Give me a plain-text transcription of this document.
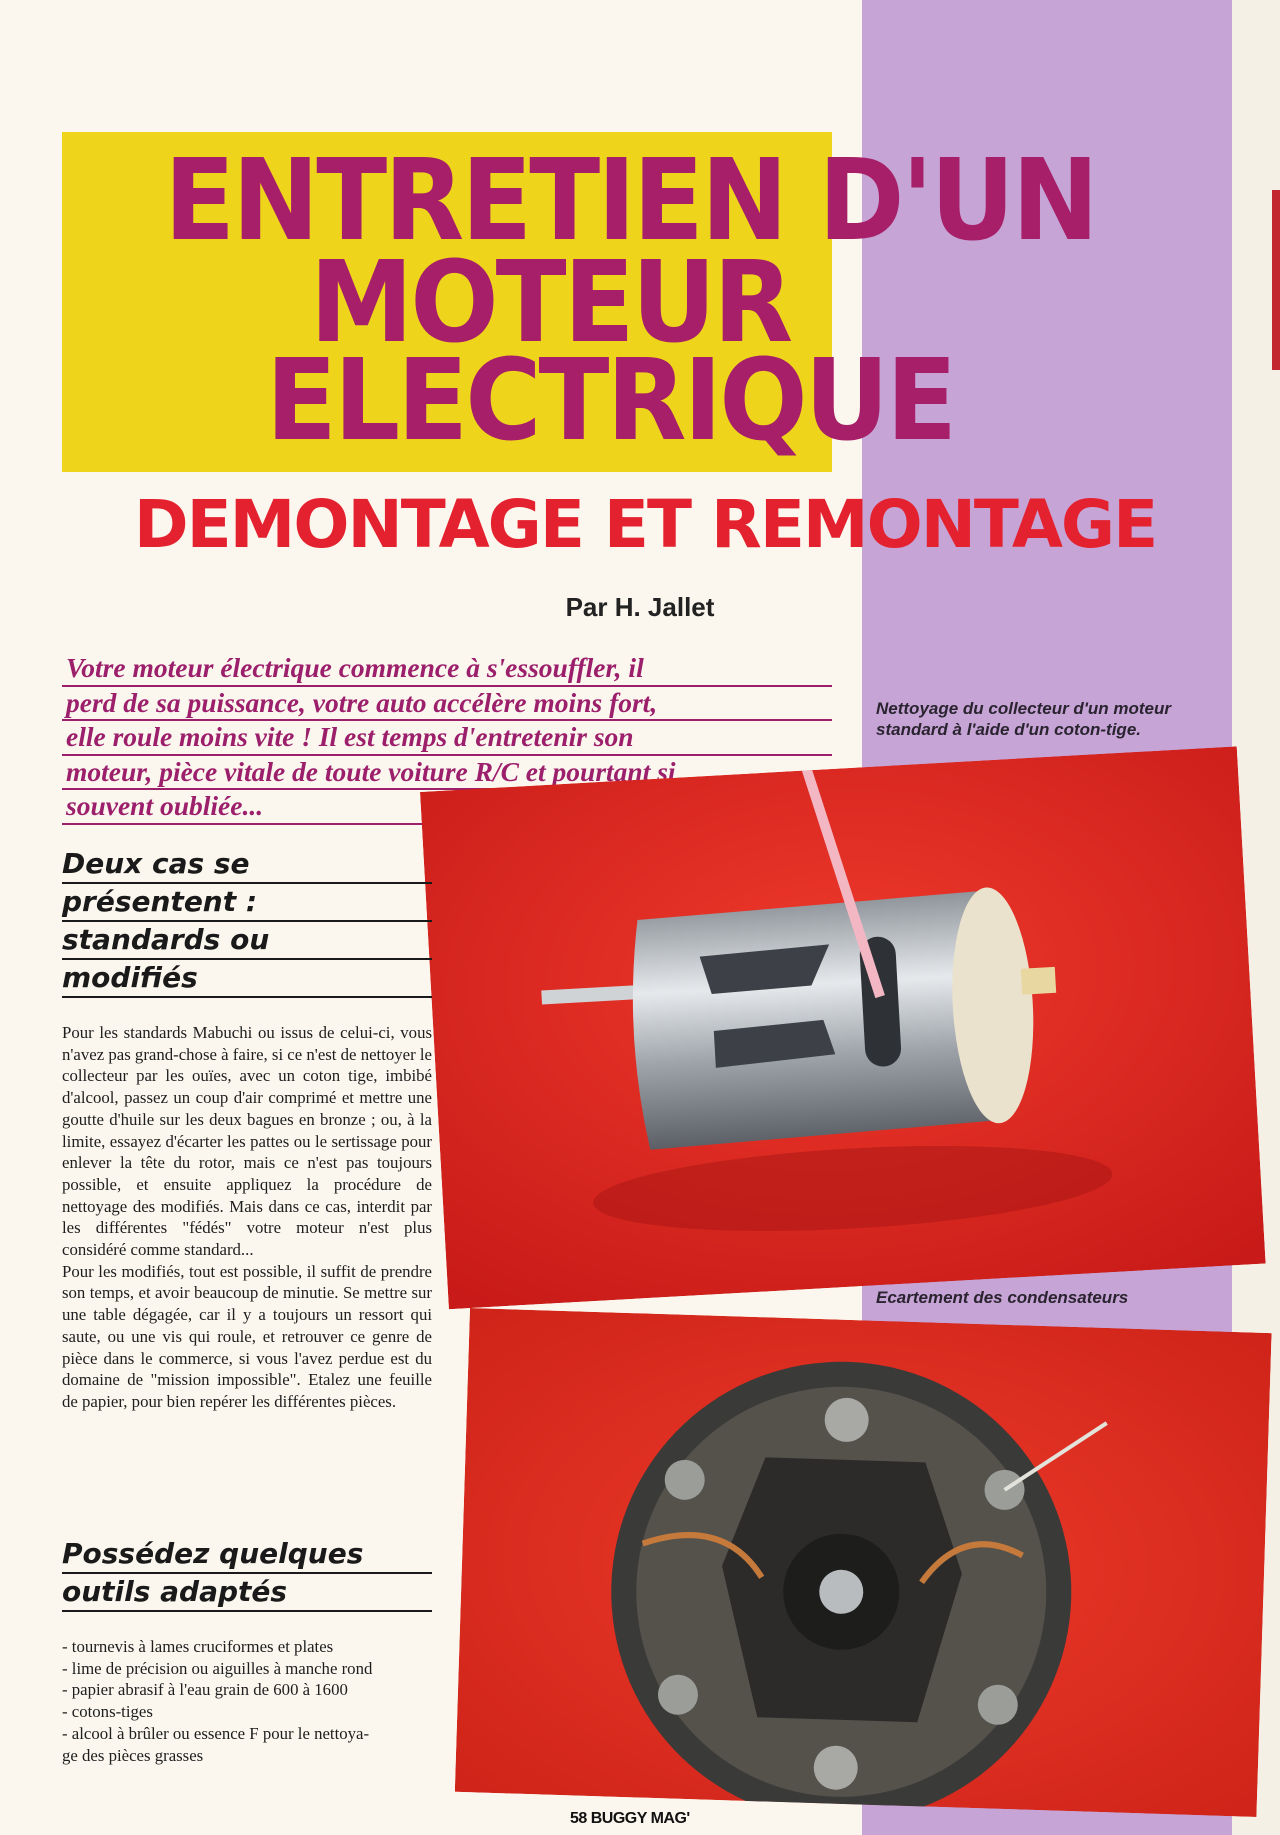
ENTRETIEN D'UN
MOTEUR
ELECTRIQUE
DEMONTAGE ET REMONTAGE
Par H. Jallet
Votre moteur électrique commence à s'essouffler, il
perd de sa puissance, votre auto accélère moins fort,
elle roule moins vite ! Il est temps d'entretenir son
moteur, pièce vitale de toute voiture R/C et pourtant si
souvent oubliée...
Nettoyage du collecteur d'un moteur standard à l'aide d'un coton-tige.
Ecartement des condensateurs
Deux cas se
présentent :
standards ou
modifiés
Pour les standards Mabuchi ou issus de celui-ci, vous n'avez pas grand-chose à faire, si ce n'est de nettoyer le collecteur par les ouïes, avec un coton tige, imbibé d'alcool, passez un coup d'air comprimé et mettre une goutte d'huile sur les deux bagues en bronze ; ou, à la limite, essayez d'écarter les pattes ou le sertissage pour enlever la tête du rotor, mais ce n'est pas toujours possible, et ensuite appliquez la procédure de nettoyage des modifiés. Mais dans ce cas, interdit par les différentes "fédés" votre moteur n'est plus considéré comme standard...
Pour les modifiés, tout est possible, il suffit de prendre son temps, et avoir beaucoup de minutie. Se mettre sur une table dégagée, car il y a toujours un ressort qui saute, ou une vis qui roule, et retrouver ce genre de pièce dans le commerce, si vous l'avez perdue est du domaine de "mission impossible". Etalez une feuille de papier, pour bien repérer les différentes pièces.
Possédez quelques
outils adaptés
- tournevis à lames cruciformes et plates
- lime de précision ou aiguilles à manche rond
- papier abrasif à l'eau grain de 600 à 1600
- cotons-tiges
- alcool à brûler ou essence F pour le nettoya-
ge des pièces grasses
58 BUGGY MAG'
